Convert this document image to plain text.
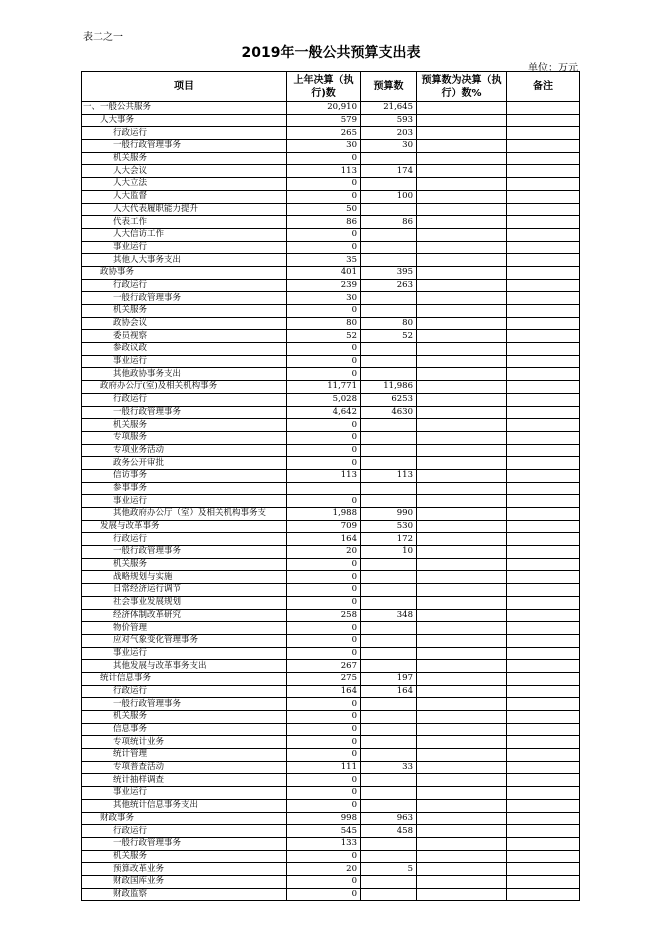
表二之一
2019年一般公共预算支出表
单位：万元
项目	上年决算（执行)数	预算数	预算数为决算（执行）数%	备注
一、一般公共服务	20,910	21,645		
人大事务	579	593		
行政运行	265	203		
一般行政管理事务	30	30		
机关服务	0			
人大会议	113	174		
人大立法	0			
人大监督	0	100		
人大代表履职能力提升	50			
代表工作	86	86		
人大信访工作	0			
事业运行	0			
其他人大事务支出	35			
政协事务	401	395		
行政运行	239	263		
一般行政管理事务	30			
机关服务	0			
政协会议	80	80		
委员视察	52	52		
参政议政	0			
事业运行	0			
其他政协事务支出	0			
政府办公厅(室)及相关机构事务	11,771	11,986		
行政运行	5,028	6253		
一般行政管理事务	4,642	4630		
机关服务	0			
专项服务	0			
专项业务活动	0			
政务公开审批	0			
信访事务	113	113		
参事事务				
事业运行	0			
其他政府办公厅（室）及相关机构事务支	1,988	990		
发展与改革事务	709	530		
行政运行	164	172		
一般行政管理事务	20	10		
机关服务	0			
战略规划与实施	0			
日常经济运行调节	0			
社会事业发展规划	0			
经济体制改革研究	258	348		
物价管理	0			
应对气象变化管理事务	0			
事业运行	0			
其他发展与改革事务支出	267			
统计信息事务	275	197		
行政运行	164	164		
一般行政管理事务	0			
机关服务	0			
信息事务	0			
专项统计业务	0			
统计管理	0			
专项普查活动	111	33		
统计抽样调查	0			
事业运行	0			
其他统计信息事务支出	0			
财政事务	998	963		
行政运行	545	458		
一般行政管理事务	133			
机关服务	0			
预算改革业务	20	5		
财政国库业务	0			
财政监察	0			
